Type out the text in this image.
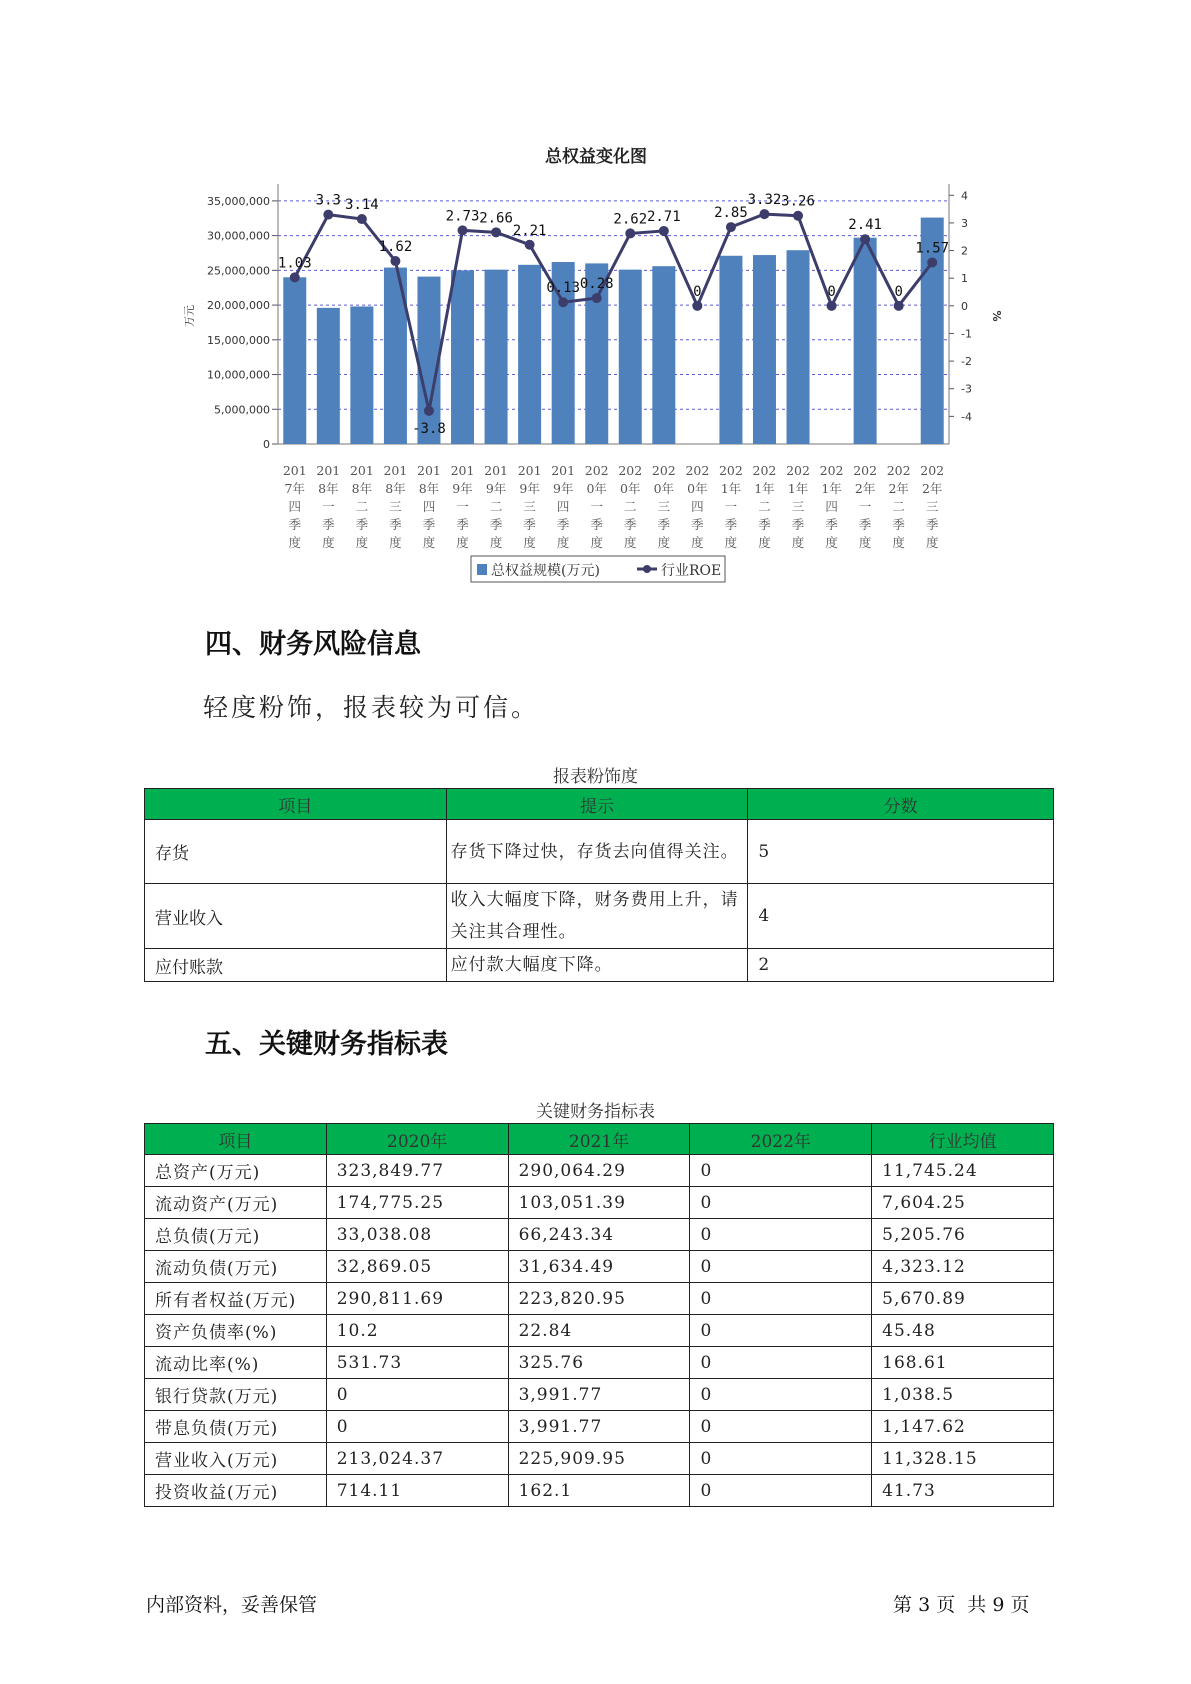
总权益变化图
0
5,000,000
10,000,000
15,000,000
20,000,000
25,000,000
30,000,000
35,000,000
-4
-3
-2
-1
0
1
2
3
4
万元	%
1.03
3.3 3.14
1.62
-3.8
2.73 2.66
2.21
0.13 0.28
2.62 2.71
0
2.85
3.32 3.26
0
2.41
0
1.57
201
7年
四
季
度
201
8年
一
季
度
201
8年
二
季
度
201
8年
三
季
度
201
8年
四
季
度
201
9年
一
季
度
201
9年
二
季
度
201
9年
三
季
度
201
9年
四
季
度
202
0年
一
季
度
202
0年
二
季
度
202
0年
三
季
度
202
0年
四
季
度
202
1年
一
季
度
202
1年
二
季
度
202
1年
三
季
度
202
1年
四
季
度
202
2年
一
季
度
202
2年
二
季
度
202
2年
三
季
度
总权益规模(万元)	行业ROE
四、财务风险信息

轻度粉饰，报表较为可信。

报表粉饰度
项目	提示	分数
存货	存货下降过快，存货去向值得关注。	5
营业收入	收入大幅度下降，财务费用上升，请关注其合理性。	4
应付账款	应付款大幅度下降。	2
五、关键财务指标表
关键财务指标表
项目	2020年	2021年	2022年	行业均值
总资产(万元)	323,849.77	290,064.29	0	11,745.24
流动资产(万元)	174,775.25	103,051.39	0	7,604.25
总负债(万元)	33,038.08	66,243.34	0	5,205.76
流动负债(万元)	32,869.05	31,634.49	0	4,323.12
所有者权益(万元)	290,811.69	223,820.95	0	5,670.89
资产负债率(%)	10.2	22.84	0	45.48
流动比率(%)	531.73	325.76	0	168.61
银行贷款(万元)	0	3,991.77	0	1,038.5
带息负债(万元)	0	3,991.77	0	1,147.62
营业收入(万元)	213,024.37	225,909.95	0	11,328.15
投资收益(万元)	714.11	162.1	0	41.73
内部资料，妥善保管	第 3 页  共 9 页
